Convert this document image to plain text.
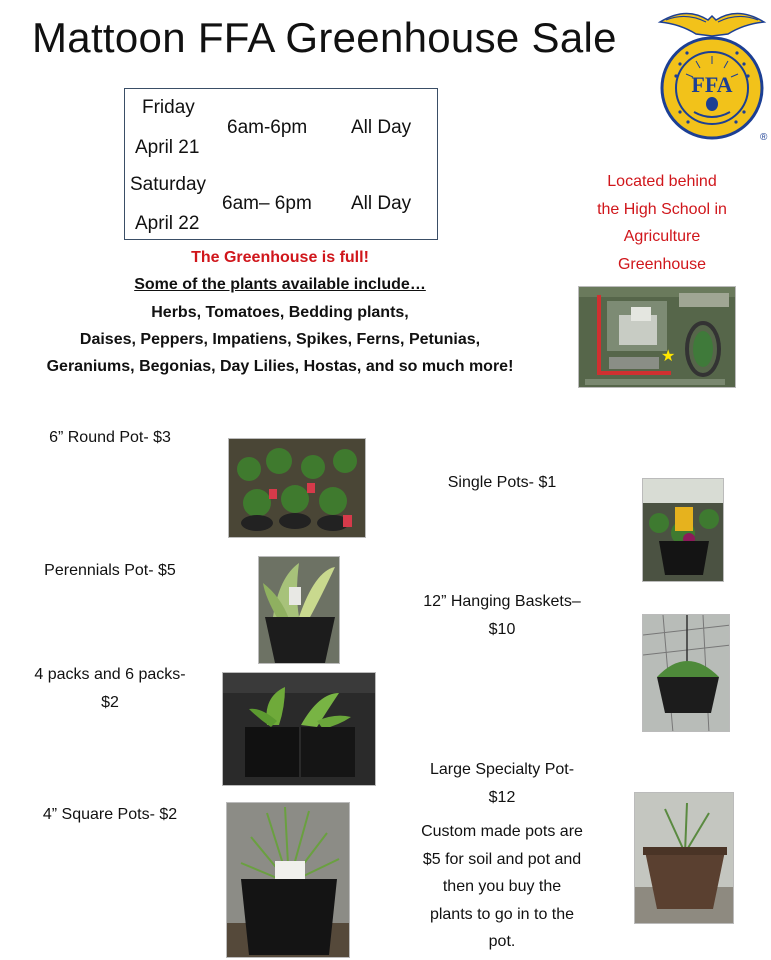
Mattoon FFA Greenhouse Sale
FFA
®
Friday
April 21
6am-6pm All Day
Saturday
April 22
6am– 6pm All Day
The Greenhouse is full!
Some of the plants available include…
Herbs, Tomatoes, Bedding plants,
Daises, Peppers, Impatiens, Spikes, Ferns, Petunias,
Geraniums, Begonias, Day Lilies, Hostas, and so much more!
Located behind
the High School in
Agriculture
Greenhouse
★
6” Round Pot- $3
Perennials Pot- $5
4 packs and 6 packs-
$2
4” Square Pots- $2
Single Pots- $1
12” Hanging Baskets–
$10
Large Specialty Pot-
$12
Custom made pots are
$5 for soil and pot and
then you buy the
plants to go in to the
pot.
